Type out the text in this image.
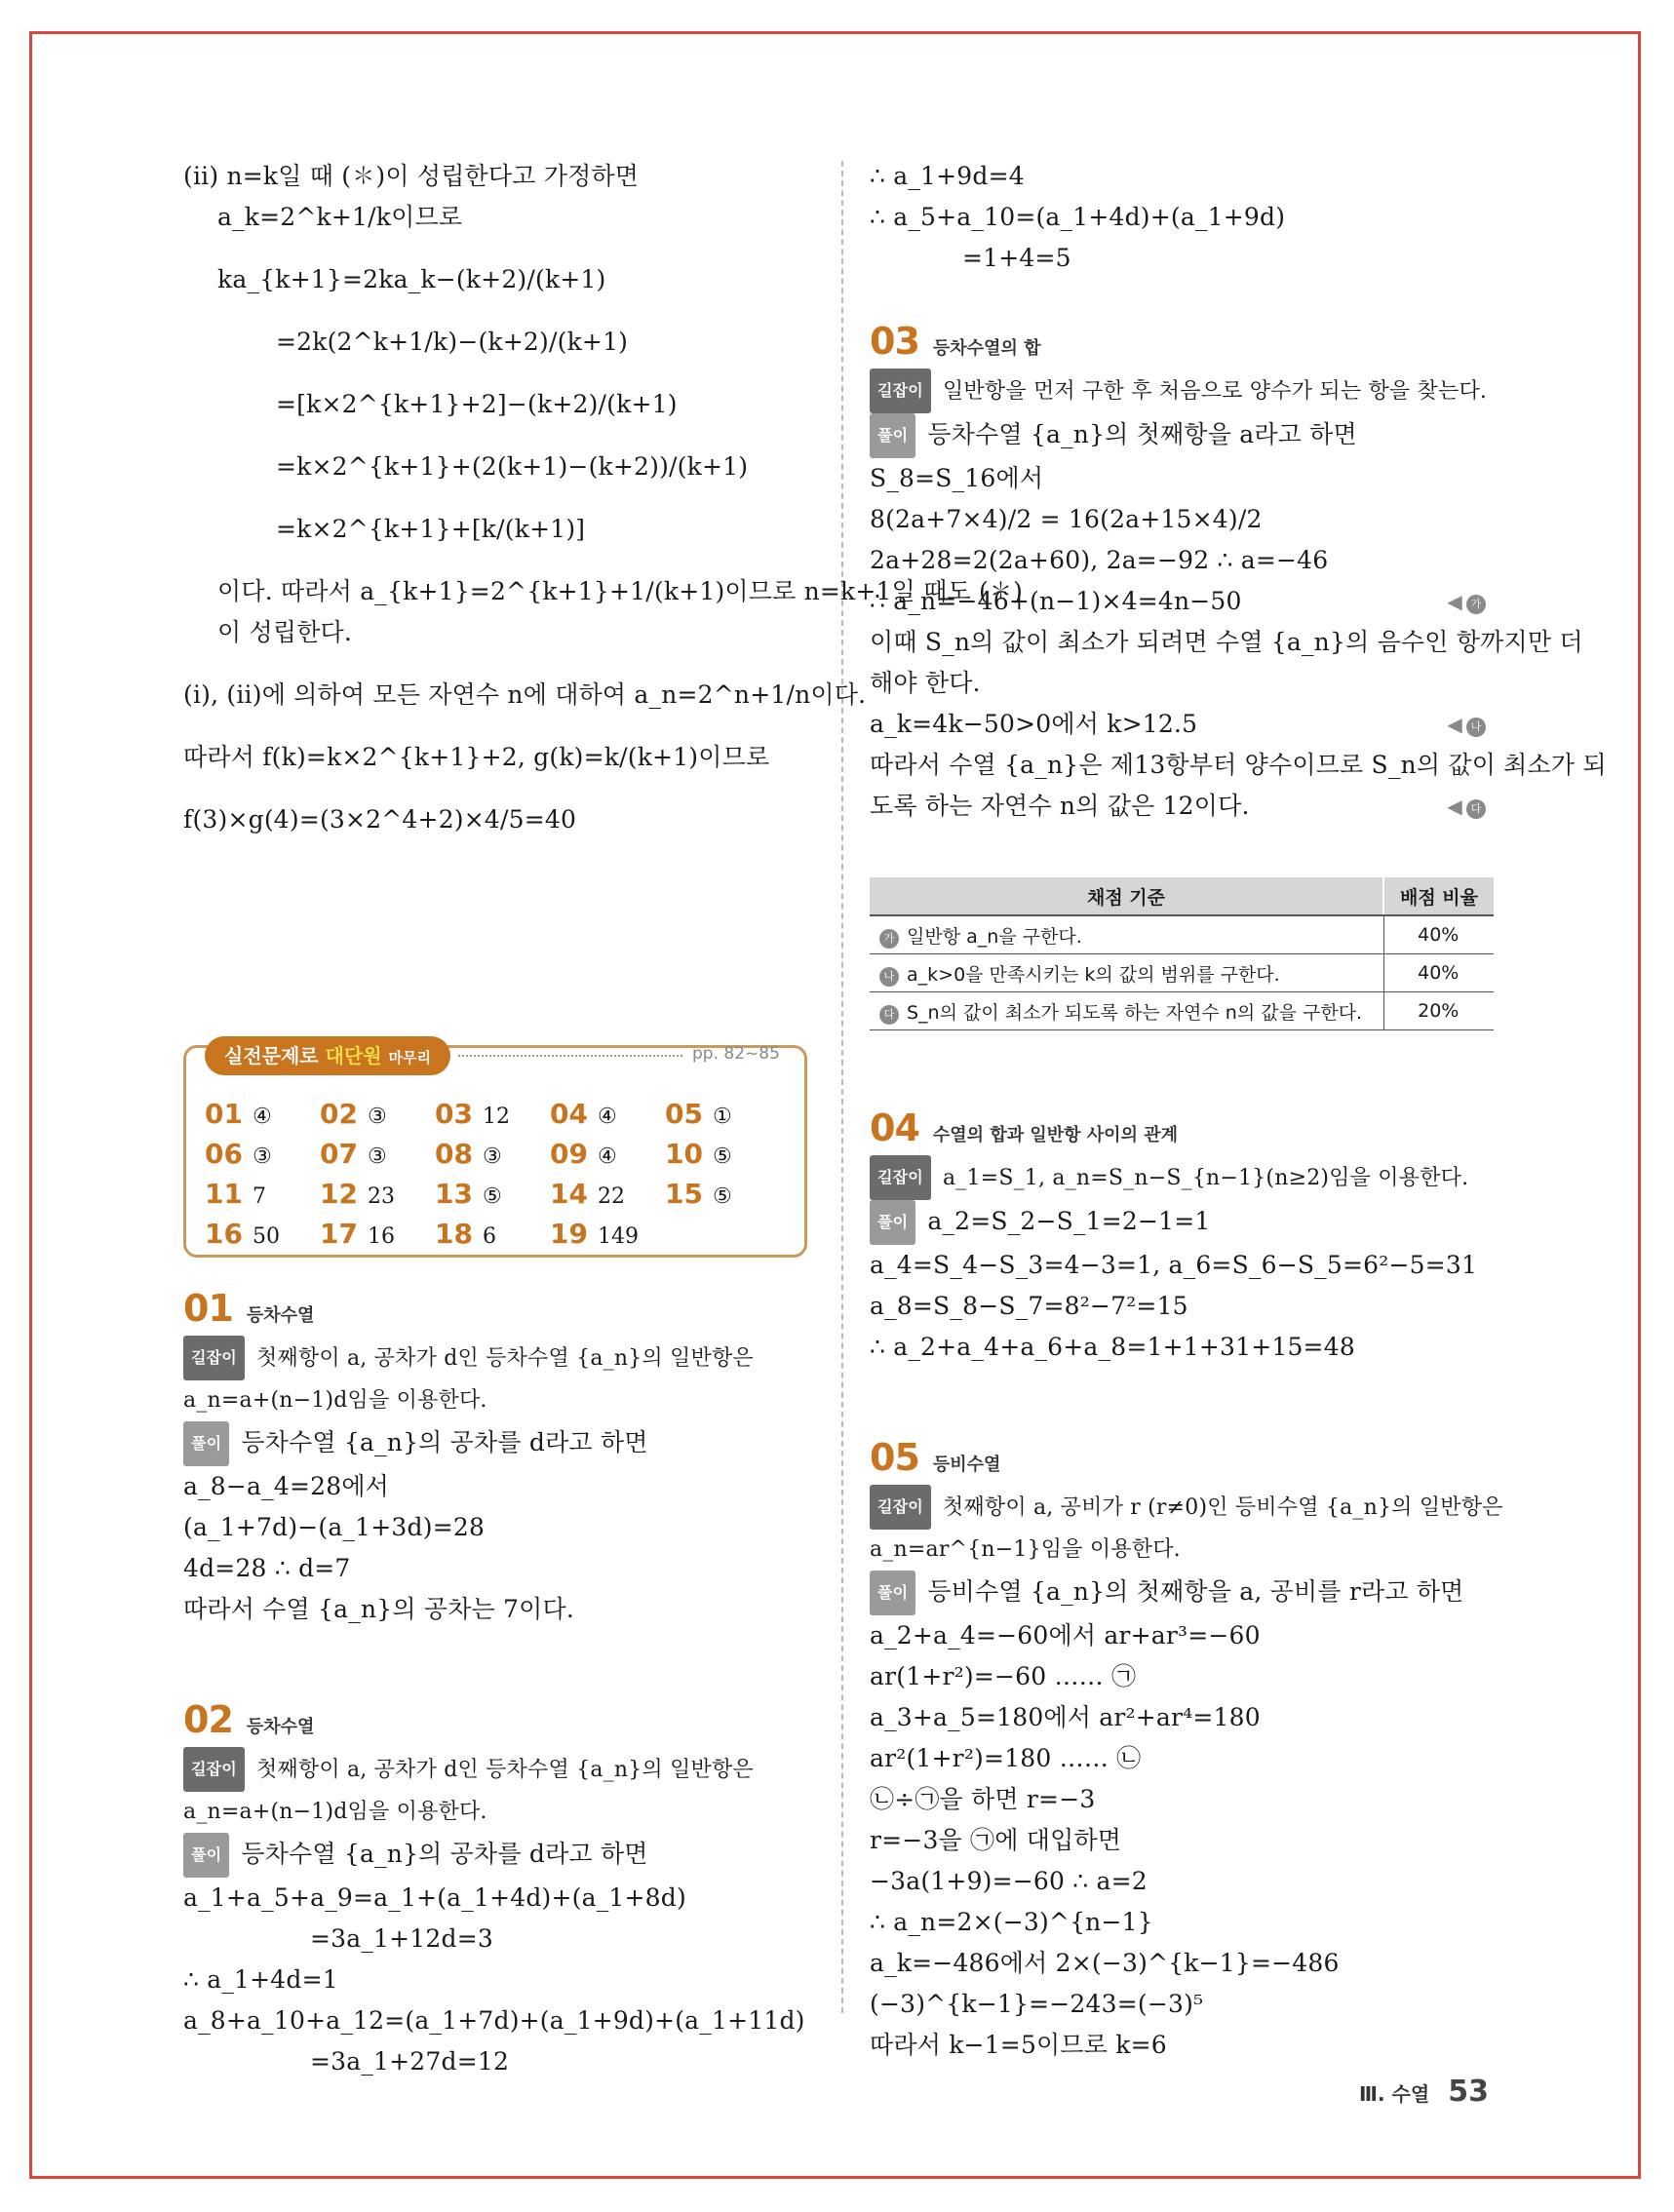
(ii) n=k일 때 (✽)이 성립한다고 가정하면
a_k=2^k+1/k이므로
ka_{k+1}=2ka_k−(k+2)/(k+1)
=2k(2^k+1/k)−(k+2)/(k+1)
=[k×2^{k+1}+2]−(k+2)/(k+1)
=k×2^{k+1}+(2(k+1)−(k+2))/(k+1)
=k×2^{k+1}+[k/(k+1)]
이다. 따라서 a_{k+1}=2^{k+1}+1/(k+1)이므로 n=k+1일 때도 (✽)
이 성립한다.
(i), (ii)에 의하여 모든 자연수 n에 대하여 a_n=2^n+1/n이다.
따라서 f(k)=k×2^{k+1}+2, g(k)=k/(k+1)이므로
f(3)×g(4)=(3×2^4+2)×4/5=40
실전문제로 대단원 마무리	pp. 82~85
01 ④	02 ③	03 12	04 ④	05 ①
06 ③	07 ③	08 ③	09 ④	10 ⑤
11 7	12 23	13 ⑤	14 22	15 ⑤
16 50	17 16	18 6	19 149
01 등차수열
길잡이 첫째항이 a, 공차가 d인 등차수열 {a_n}의 일반항은
a_n=a+(n−1)d임을 이용한다.
풀이 등차수열 {a_n}의 공차를 d라고 하면
a_8−a_4=28에서
(a_1+7d)−(a_1+3d)=28
4d=28 ∴ d=7
따라서 수열 {a_n}의 공차는 7이다.
02 등차수열
길잡이 첫째항이 a, 공차가 d인 등차수열 {a_n}의 일반항은
a_n=a+(n−1)d임을 이용한다.
풀이 등차수열 {a_n}의 공차를 d라고 하면
a_1+a_5+a_9=a_1+(a_1+4d)+(a_1+8d)
=3a_1+12d=3
∴ a_1+4d=1
a_8+a_10+a_12=(a_1+7d)+(a_1+9d)+(a_1+11d)
=3a_1+27d=12
∴ a_1+9d=4
∴ a_5+a_10=(a_1+4d)+(a_1+9d)
=1+4=5
03 등차수열의 합
길잡이 일반항을 먼저 구한 후 처음으로 양수가 되는 항을 찾는다.
풀이 등차수열 {a_n}의 첫째항을 a라고 하면
S_8=S_16에서
8(2a+7×4)/2 = 16(2a+15×4)/2
2a+28=2(2a+60), 2a=−92 ∴ a=−46
∴ a_n=−46+(n−1)×4=4n−50	◀ 가
이때 S_n의 값이 최소가 되려면 수열 {a_n}의 음수인 항까지만 더
해야 한다.
a_k=4k−50>0에서 k>12.5	◀ 나
따라서 수열 {a_n}은 제13항부터 양수이므로 S_n의 값이 최소가 되
도록 하는 자연수 n의 값은 12이다.	◀ 다
채점 기준	배점 비율
가 일반항 a_n을 구한다.	40%
나 a_k>0을 만족시키는 k의 값의 범위를 구한다.	40%
다 S_n의 값이 최소가 되도록 하는 자연수 n의 값을 구한다.	20%
04 수열의 합과 일반항 사이의 관계
길잡이 a_1=S_1, a_n=S_n−S_{n−1}(n≥2)임을 이용한다.
풀이 a_2=S_2−S_1=2−1=1
a_4=S_4−S_3=4−3=1, a_6=S_6−S_5=6²−5=31
a_8=S_8−S_7=8²−7²=15
∴ a_2+a_4+a_6+a_8=1+1+31+15=48
05 등비수열
길잡이 첫째항이 a, 공비가 r (r≠0)인 등비수열 {a_n}의 일반항은
a_n=ar^{n−1}임을 이용한다.
풀이 등비수열 {a_n}의 첫째항을 a, 공비를 r라고 하면
a_2+a_4=−60에서 ar+ar³=−60
ar(1+r²)=−60 …… ㉠
a_3+a_5=180에서 ar²+ar⁴=180
ar²(1+r²)=180 …… ㉡
㉡÷㉠을 하면 r=−3
r=−3을 ㉠에 대입하면
−3a(1+9)=−60 ∴ a=2
∴ a_n=2×(−3)^{n−1}
a_k=−486에서 2×(−3)^{k−1}=−486
(−3)^{k−1}=−243=(−3)⁵
따라서 k−1=5이므로 k=6
Ⅲ. 수열 53
